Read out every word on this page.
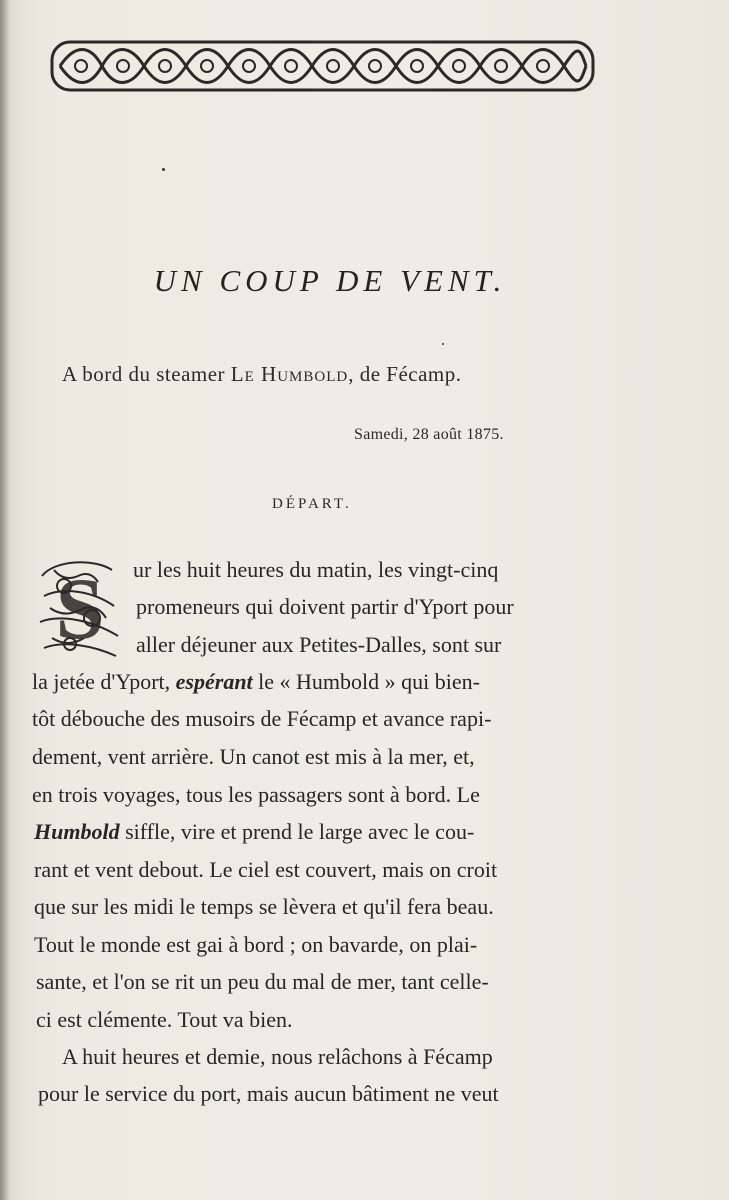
UN COUP DE VENT.
A bord du steamer Le Humbold, de Fécamp.
Samedi, 28 août 1875.
DÉPART.
S ur les huit heures du matin, les vingt-cinq
promeneurs qui doivent partir d'Yport pour
aller déjeuner aux Petites-Dalles, sont sur
la jetée d'Yport, espérant le « Humbold » qui bien-
tôt débouche des musoirs de Fécamp et avance rapi-
dement, vent arrière. Un canot est mis à la mer, et,
en trois voyages, tous les passagers sont à bord. Le
Humbold siffle, vire et prend le large avec le cou-
rant et vent debout. Le ciel est couvert, mais on croit
que sur les midi le temps se lèvera et qu'il fera beau.
Tout le monde est gai à bord ; on bavarde, on plai-
sante, et l'on se rit un peu du mal de mer, tant celle-
ci est clémente. Tout va bien.
A huit heures et demie, nous relâchons à Fécamp
pour le service du port, mais aucun bâtiment ne veut
